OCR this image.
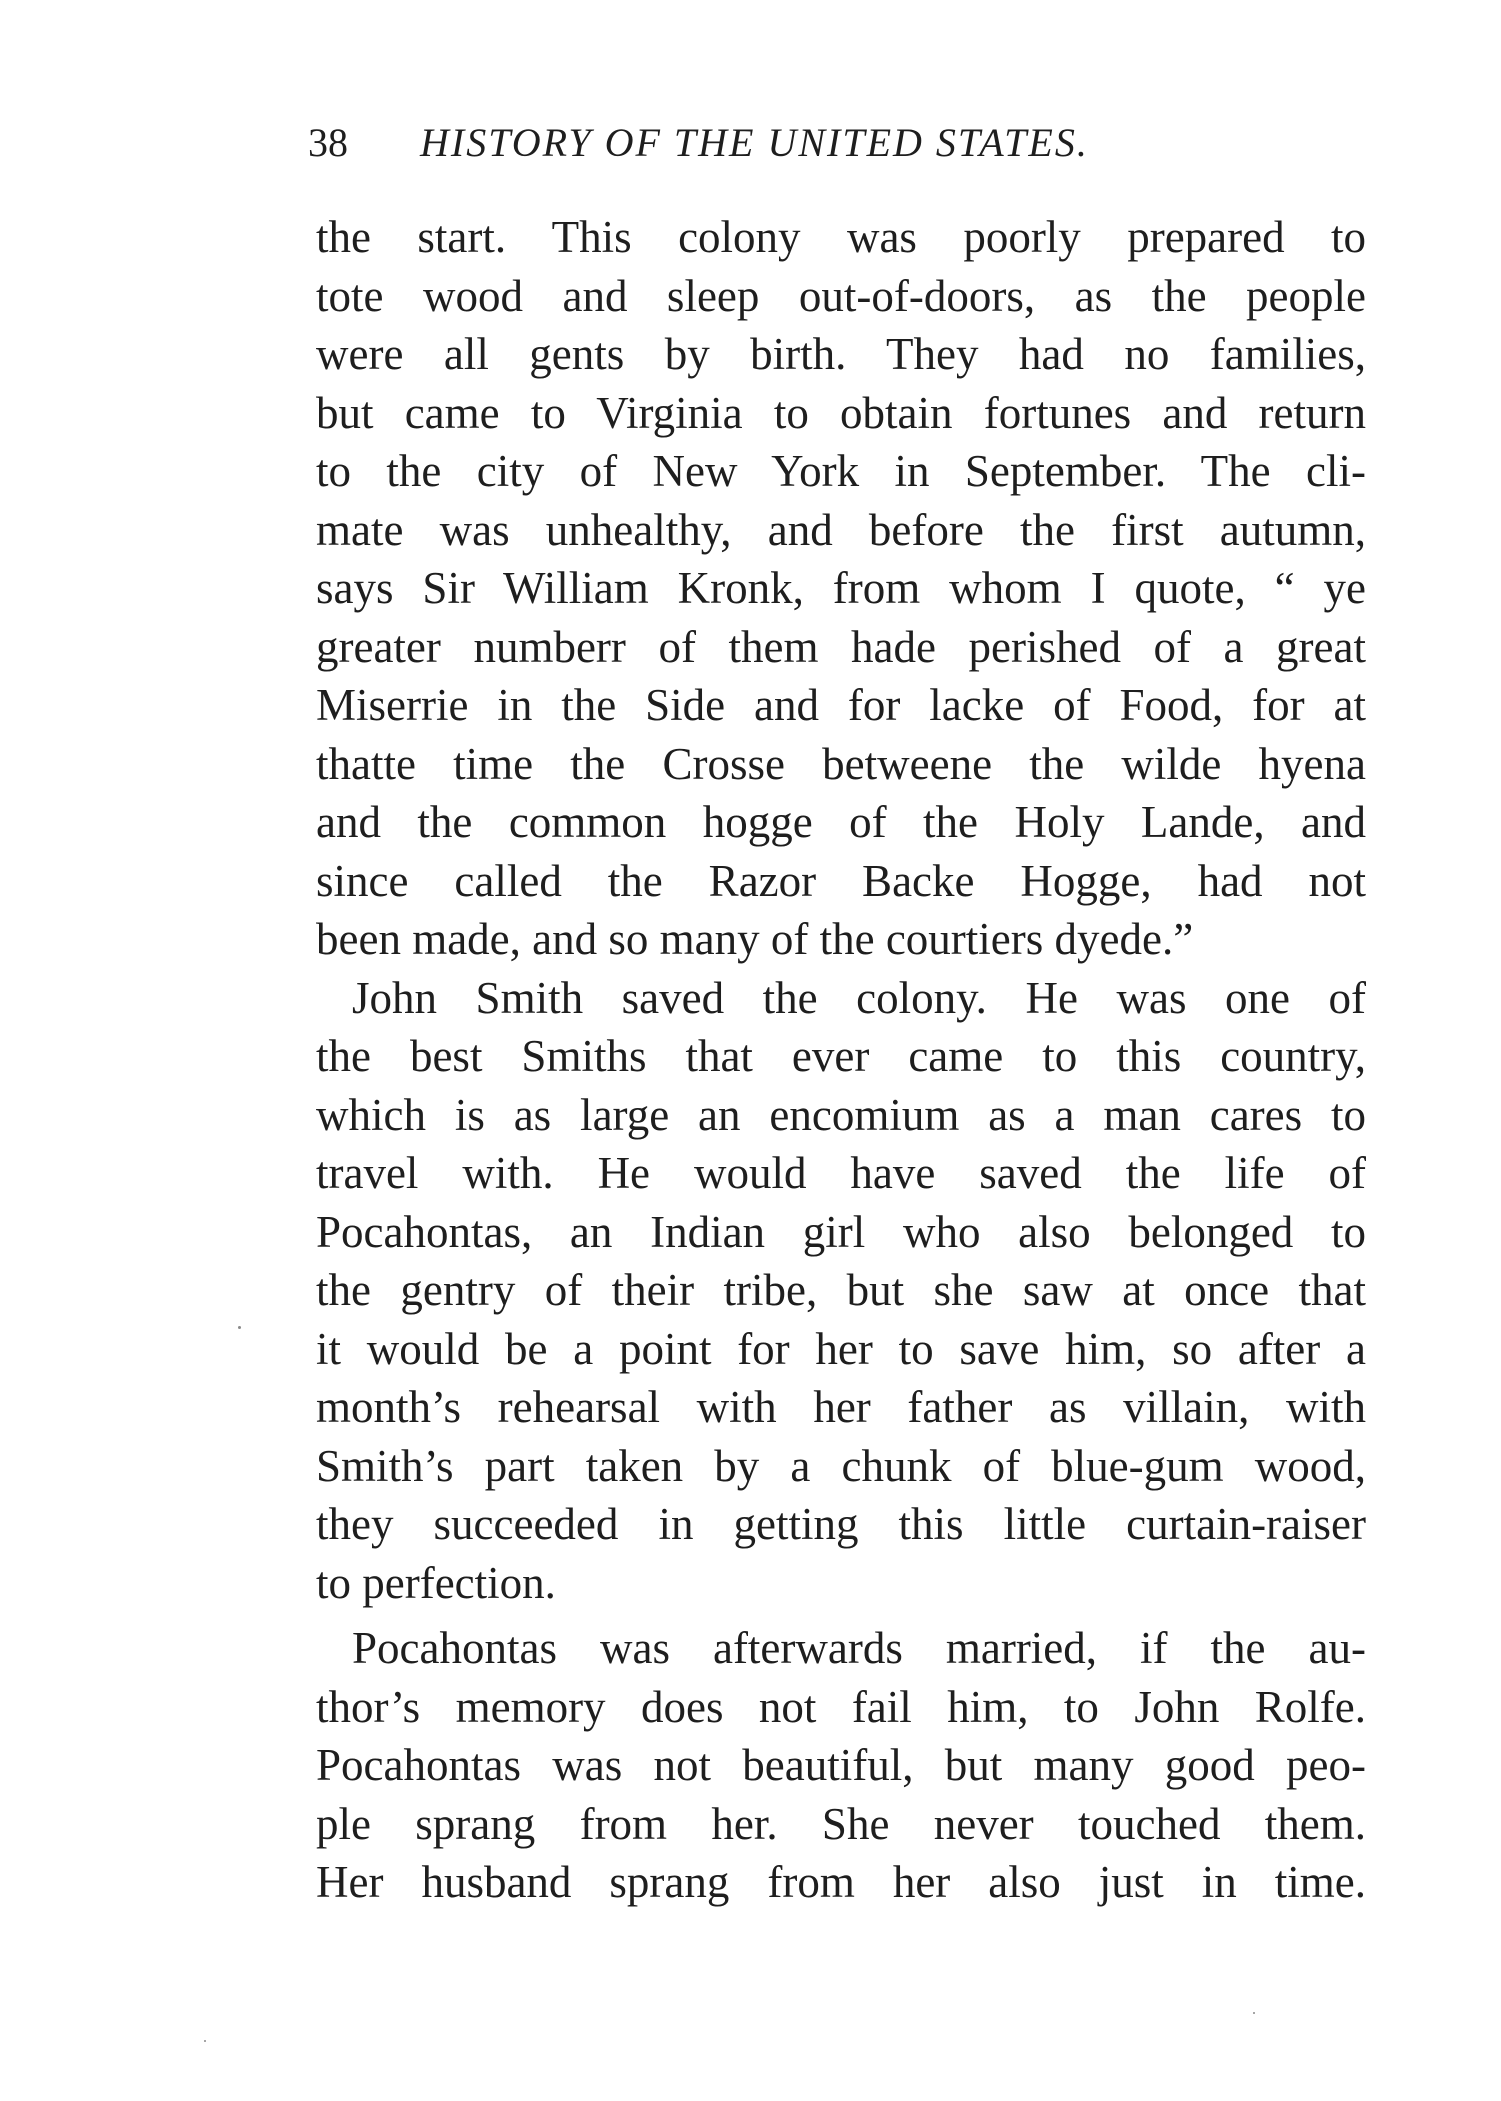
38 HISTORY OF THE UNITED STATES.
the start. This colony was poorly prepared to
tote wood and sleep out-of-doors, as the people
were all gents by birth. They had no families,
but came to Virginia to obtain fortunes and return
to the city of New York in September. The cli-
mate was unhealthy, and before the first autumn,
says Sir William Kronk, from whom I quote, “ ye
greater numberr of them hade perished of a great
Miserrie in the Side and for lacke of Food, for at
thatte time the Crosse betweene the wilde hyena
and the common hogge of the Holy Lande, and
since called the Razor Backe Hogge, had not
been made, and so many of the courtiers dyede.”
John Smith saved the colony. He was one of
the best Smiths that ever came to this country,
which is as large an encomium as a man cares to
travel with. He would have saved the life of
Pocahontas, an Indian girl who also belonged to
the gentry of their tribe, but she saw at once that
it would be a point for her to save him, so after a
month’s rehearsal with her father as villain, with
Smith’s part taken by a chunk of blue-gum wood,
they succeeded in getting this little curtain-raiser
to perfection.
Pocahontas was afterwards married, if the au-
thor’s memory does not fail him, to John Rolfe.
Pocahontas was not beautiful, but many good peo-
ple sprang from her. She never touched them.
Her husband sprang from her also just in time.
